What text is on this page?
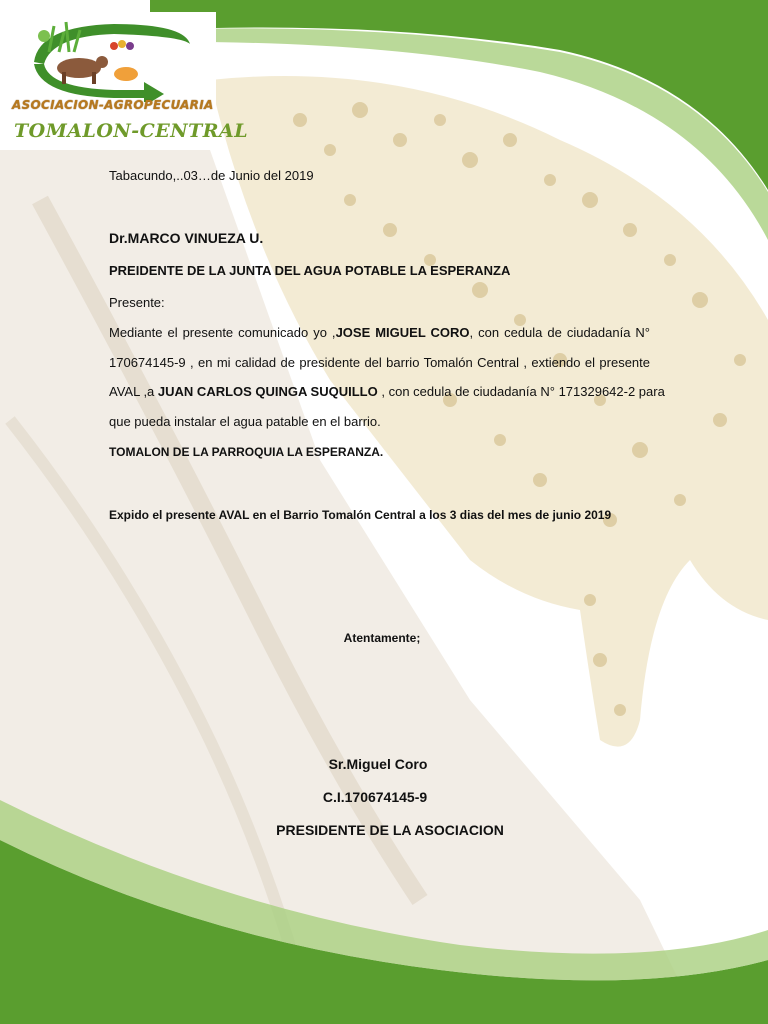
ASOCIACION-AGROPECUARIA
TOMALON-CENTRAL
Tabacundo,..03…de Junio del 2019
Dr.MARCO VINUEZA U.
PREIDENTE DE LA JUNTA DEL AGUA POTABLE LA ESPERANZA
Presente:
Mediante el presente comunicado yo ,JOSE MIGUEL CORO, con cedula de ciudadanía N°
170674145-9 , en mi calidad de presidente del barrio Tomalón Central , extiendo el presente
AVAL ,a JUAN CARLOS QUINGA SUQUILLO , con cedula de ciudadanía N° 171329642-2 para
que pueda instalar el agua patable en el barrio.
TOMALON DE LA PARROQUIA LA ESPERANZA.
Expido el presente AVAL en el Barrio Tomalón Central a los 3 dias del mes de junio 2019
Atentamente;
Sr.Miguel Coro
C.I.170674145-9
PRESIDENTE DE LA ASOCIACION
